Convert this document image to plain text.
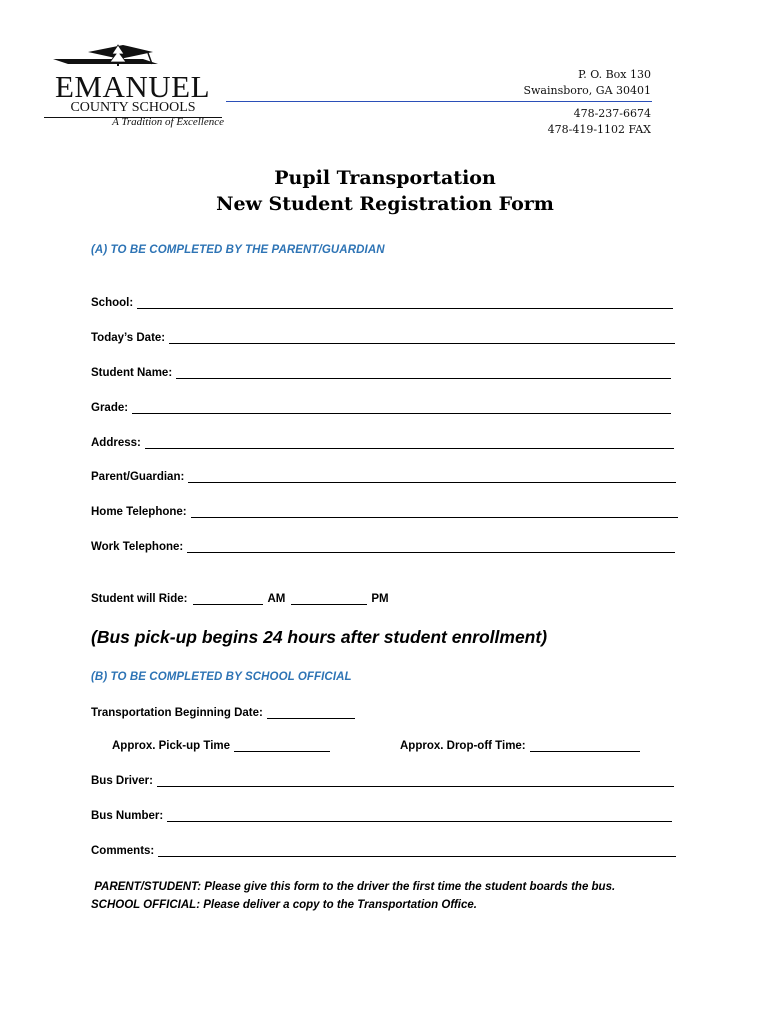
EMANUEL
COUNTY SCHOOLS
A Tradition of Excellence
P. O. Box 130
Swainsboro, GA 30401
478-237-6674
478-419-1102 FAX
Pupil Transportation
New Student Registration Form
(A) TO BE COMPLETED BY THE PARENT/GUARDIAN
School:
Today’s Date:
Student Name:
Grade:
Address:
Parent/Guardian:
Home Telephone:
Work Telephone:
Student will Ride:	AM	PM
(Bus pick-up begins 24 hours after student enrollment)
(B) TO BE COMPLETED BY SCHOOL OFFICIAL
Transportation Beginning Date:
Approx. Pick-up Time	Approx. Drop-off Time:
Bus Driver:
Bus Number:
Comments:
PARENT/STUDENT: Please give this form to the driver the first time the student boards the bus.
SCHOOL OFFICIAL: Please deliver a copy to the Transportation Office.
